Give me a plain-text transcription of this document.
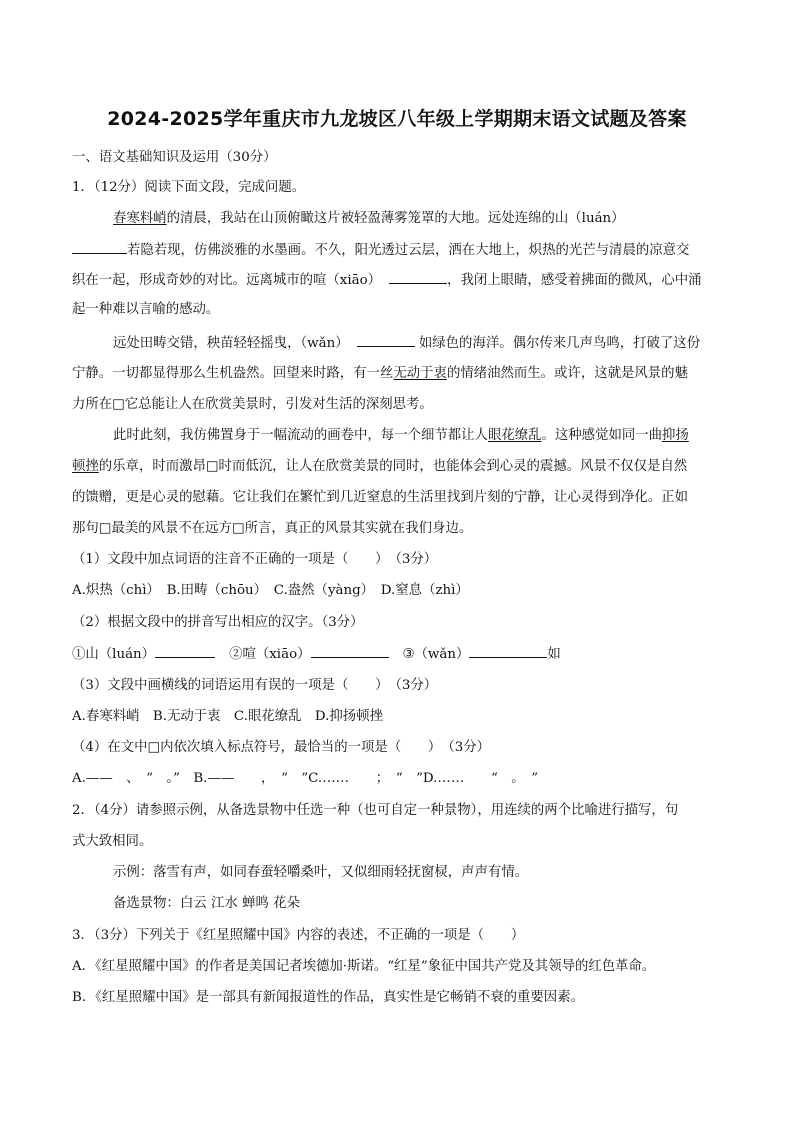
2024-2025学年重庆市九龙坡区八年级上学期期末语文试题及答案
一、语文基础知识及运用（30分）
1．（12分）阅读下面文段，完成问题。
春寒料峭的清晨，我站在山顶俯瞰这片被轻盈薄雾笼罩的大地。远处连绵的山（luán）
若隐若现，仿佛淡雅的水墨画。不久，阳光透过云层，洒在大地上，炽热的光芒与清晨的凉意交
织在一起，形成奇妙的对比。远离城市的喧（xiāo）	，我闭上眼睛，感受着拂面的微风，心中涌
起一种难以言喻的感动。
远处田畴交错，秧苗轻轻摇曳，（wǎn）	如绿色的海洋。偶尔传来几声鸟鸣，打破了这份
宁静。一切都显得那么生机盎然。回望来时路，有一丝无动于衷的情绪油然而生。或许，这就是风景的魅
力所在□它总能让人在欣赏美景时，引发对生活的深刻思考。
此时此刻，我仿佛置身于一幅流动的画卷中，每一个细节都让人眼花缭乱。这种感觉如同一曲抑扬
顿挫的乐章，时而激昂□时而低沉，让人在欣赏美景的同时，也能体会到心灵的震撼。风景不仅仅是自然
的馈赠，更是心灵的慰藉。它让我们在繁忙到几近窒息的生活里找到片刻的宁静，让心灵得到净化。正如
那句□最美的风景不在远方□所言，真正的风景其实就在我们身边。
（1）文段中加点词语的注音不正确的一项是（　　）　（3分）
A.炽热（chì）　B.田畴（chōu）　C.盎然（yàng）　D.窒息（zhì）
（2）根据文段中的拼音写出相应的汉字。（3分）
①山（luán）	②喧（xiāo）	③（wǎn）	如
（3）文段中画横线的词语运用有误的一项是（　　）　（3分）
A.春寒料峭　B.无动于衷　C.眼花缭乱　D.抑扬顿挫
（4）在文中□内依次填入标点符号，最恰当的一项是（　　）　（3分）
A.——　、　“　。”　B.——　　，　“　”C.……　　；　“　”D.……　　“　。　”
2．（4分）请参照示例，从备选景物中任选一种（也可自定一种景物），用连续的两个比喻进行描写，句
式大致相同。
示例：落雪有声，如同春蚕轻嚼桑叶，又似细雨轻抚窗棂，声声有情。
备选景物：白云 江水 蝉鸣 花朵
3．（3分）下列关于《红星照耀中国》内容的表述，不正确的一项是（　　）
A．《红星照耀中国》的作者是美国记者埃德加·斯诺。“红星”象征中国共产党及其领导的红色革命。
B．《红星照耀中国》是一部具有新闻报道性的作品，真实性是它畅销不衰的重要因素。
